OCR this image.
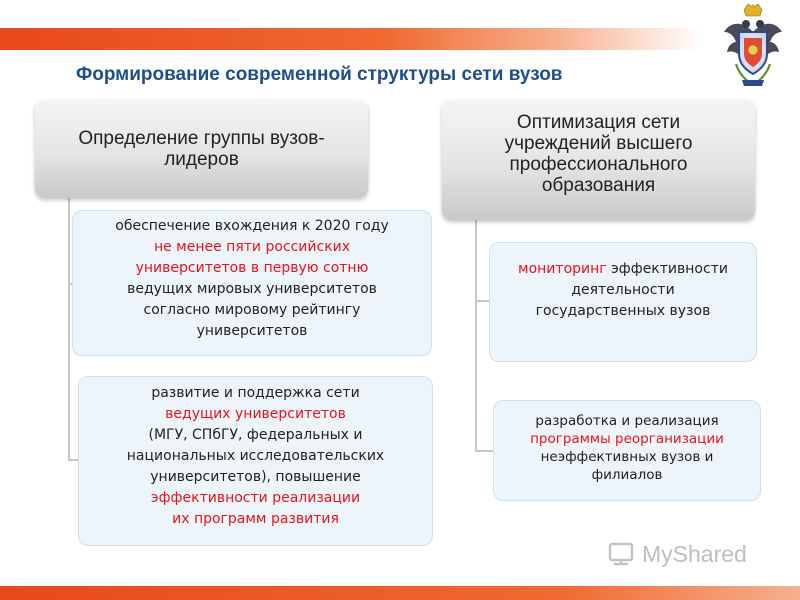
Формирование современной структуры сети вузов
Определение группы вузов-лидеров
Оптимизация сети учреждений высшего профессионального образования
обеспечение вхождения к 2020 году
не менее пяти российских
университетов в первую сотню
ведущих мировых университетов
согласно мировому рейтингу
университетов
развитие и поддержка сети
ведущих университетов
(МГУ, СПбГУ, федеральных и
национальных исследовательских
университетов), повышение
эффективности реализации
их программ развития
мониторинг эффективности
деятельности
государственных вузов
разработка и реализация
программы реорганизации
неэффективных вузов и
филиалов
MyShared
